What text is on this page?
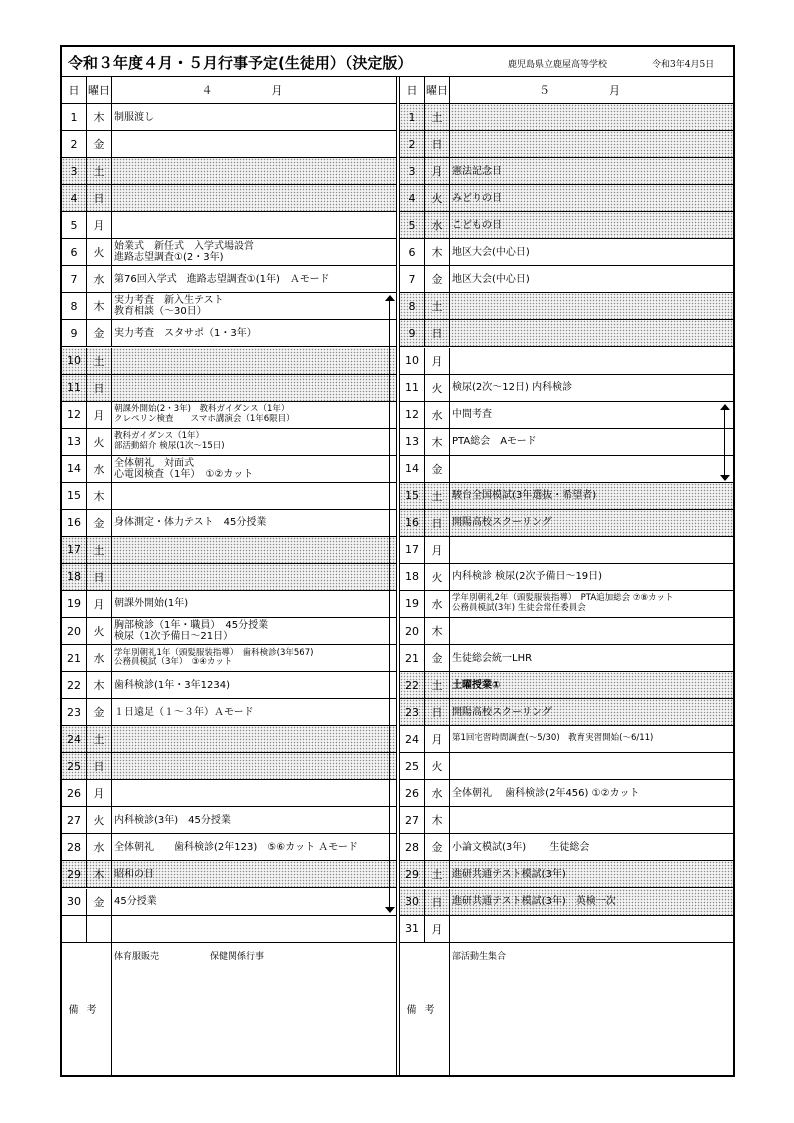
令和３年度４月・５月行事予定(生徒用）（決定版）	鹿児島県立鹿屋高等学校	令和3年4月5日
日 曜日	４　月
1	木 制服渡し
2	金
3	土
4	日
5	月
6	火 始業式　新任式　入学式場設営
進路志望調査①(2・3年)
7	水 第76回入学式　進路志望調査①(1年)　Ａモード
8	木 実力考査　新入生テスト
教育相談（～30日）
9	金 実力考査　スタサポ（1・3年）
10	土
11	日
12	月	朝課外開始(2・3年)　教科ガイダンス（1年）
クレペリン検査　　スマホ講演会（1年6限目）
13	火	教科ガイダンス（1年）
部活動紹介 検尿(1次～15日)
14	水 全体朝礼　対面式
心電図検査（1年）　①②カット
15	木
16	金 身体測定・体力テスト　45分授業
17	土
18	日
19	月 朝課外開始(1年)
20	火 胸部検診（1年・職員）　45分授業
検尿（1次予備日～21日）
21	水	学年別朝礼1年（頭髪服装指導）　歯科検診(3年567)
公務員模試（3年）　③④カット
22	木 歯科検診(1年・3年1234)
23	金 １日遠足（１～３年）Ａモード
24	土
25	日
26	月
27	火 内科検診(3年)　45分授業
28	水 全体朝礼　　歯科検診(2年123)　⑤⑥カット Ａモード
29	木 昭和の日
30	金 45分授業
備考
体育服販売	保健関係行事
日 曜日	５　月
1	土
2	日
3	月 憲法記念日
4	火 みどりの日
5	水 こどもの日
6	木 地区大会(中心日)
7	金 地区大会(中心日)
8	土
9	日
10	月
11	火 検尿(2次～12日) 内科検診
12	水 中間考査
13	木 PTA総会　Aモード
14	金
15	土 駿台全国模試(3年選抜・希望者)
16	日 開陽高校スクーリング
17	月
18	火 内科検診 検尿(2次予備日～19日)
19	水	学年別朝礼2年（頭髪服装指導）　PTA追加総会 ⑦⑧カット
公務員模試(3年) 生徒会常任委員会
20	木
21	金 生徒総会統一LHR
22	土 土曜授業①
23	日 開陽高校スクーリング
24	月	第1回宅習時間調査(～5/30)　教育実習開始(～6/11)
25	火
26	水 全体朝礼　 歯科検診(2年456) ①②カット
27	木
28	金 小論文模試(3年)　　 生徒総会
29	土 進研共通テスト模試(3年)
30	日 進研共通テスト模試(3年)　英検一次
31	月
備考
部活動生集合
